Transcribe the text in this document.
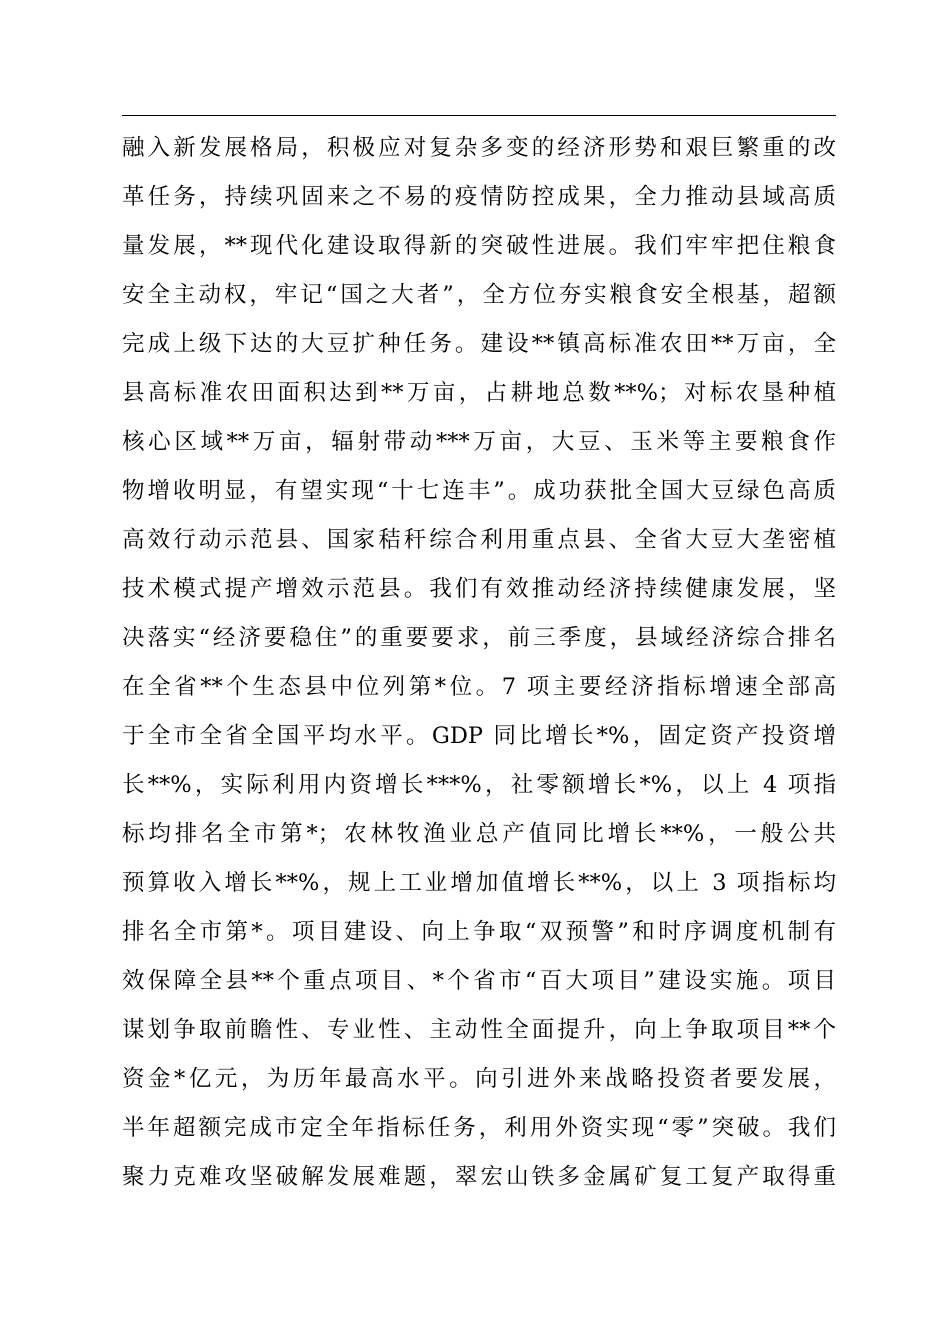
融入新发展格局，积极应对复杂多变的经济形势和艰巨繁重的改
革任务，持续巩固来之不易的疫情防控成果，全力推动县域高质
量发展，**现代化建设取得新的突破性进展。我们牢牢把住粮食
安全主动权，牢记“国之大者”，全方位夯实粮食安全根基，超额
完成上级下达的大豆扩种任务。建设**镇高标准农田**万亩，全
县高标准农田面积达到**万亩，占耕地总数**%；对标农垦种植
核心区域**万亩，辐射带动***万亩，大豆、玉米等主要粮食作
物增收明显，有望实现“十七连丰”。成功获批全国大豆绿色高质
高效行动示范县、国家秸秆综合利用重点县、全省大豆大垄密植
技术模式提产增效示范县。我们有效推动经济持续健康发展，坚
决落实“经济要稳住”的重要要求，前三季度，县域经济综合排名
在全省**个生态县中位列第*位。7 项主要经济指标增速全部高
于全市全省全国平均水平。GDP 同比增长*%，固定资产投资增
长**%，实际利用内资增长***%，社零额增长*%，以上 4 项指
标均排名全市第*；农林牧渔业总产值同比增长**%，一般公共
预算收入增长**%，规上工业增加值增长**%，以上 3 项指标均
排名全市第*。项目建设、向上争取“双预警”和时序调度机制有
效保障全县**个重点项目、*个省市“百大项目”建设实施。项目
谋划争取前瞻性、专业性、主动性全面提升，向上争取项目**个
资金*亿元，为历年最高水平。向引进外来战略投资者要发展，
半年超额完成市定全年指标任务，利用外资实现“零”突破。我们
聚力克难攻坚破解发展难题，翠宏山铁多金属矿复工复产取得重
